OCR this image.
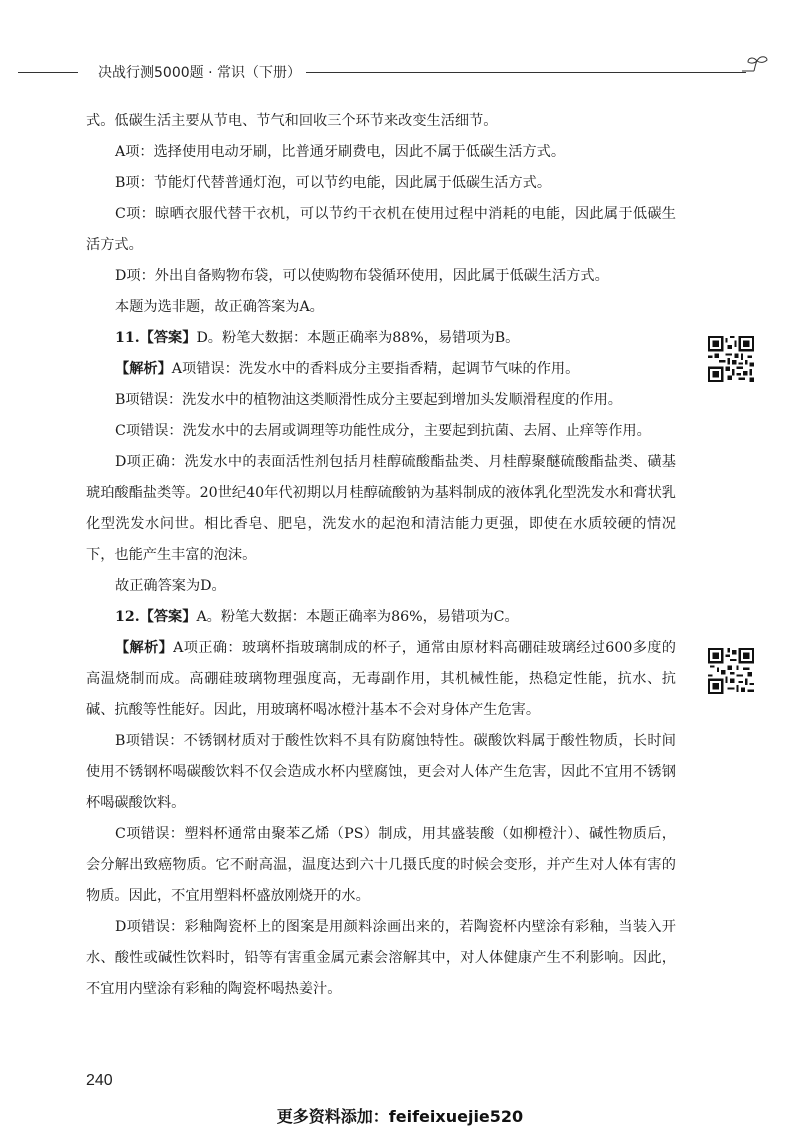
决战行测5000题 · 常识（下册）

式。低碳生活主要从节电、节气和回收三个环节来改变生活细节。

A项：选择使用电动牙刷，比普通牙刷费电，因此不属于低碳生活方式。

B项：节能灯代替普通灯泡，可以节约电能，因此属于低碳生活方式。

C项：晾晒衣服代替干衣机，可以节约干衣机在使用过程中消耗的电能，因此属于低碳生活方式。

D项：外出自备购物布袋，可以使购物布袋循环使用，因此属于低碳生活方式。

本题为选非题，故正确答案为A。

11.【答案】D。粉笔大数据：本题正确率为88%，易错项为B。

【解析】A项错误：洗发水中的香料成分主要指香精，起调节气味的作用。

B项错误：洗发水中的植物油这类顺滑性成分主要起到增加头发顺滑程度的作用。

C项错误：洗发水中的去屑或调理等功能性成分，主要起到抗菌、去屑、止痒等作用。

D项正确：洗发水中的表面活性剂包括月桂醇硫酸酯盐类、月桂醇聚醚硫酸酯盐类、磺基琥珀酸酯盐类等。20世纪40年代初期以月桂醇硫酸钠为基料制成的液体乳化型洗发水和膏状乳化型洗发水问世。相比香皂、肥皂，洗发水的起泡和清洁能力更强，即使在水质较硬的情况下，也能产生丰富的泡沫。

故正确答案为D。

12.【答案】A。粉笔大数据：本题正确率为86%，易错项为C。

【解析】A项正确：玻璃杯指玻璃制成的杯子，通常由原材料高硼硅玻璃经过600多度的高温烧制而成。高硼硅玻璃物理强度高，无毒副作用，其机械性能，热稳定性能，抗水、抗碱、抗酸等性能好。因此，用玻璃杯喝冰橙汁基本不会对身体产生危害。

B项错误：不锈钢材质对于酸性饮料不具有防腐蚀特性。碳酸饮料属于酸性物质，长时间使用不锈钢杯喝碳酸饮料不仅会造成水杯内壁腐蚀，更会对人体产生危害，因此不宜用不锈钢杯喝碳酸饮料。

C项错误：塑料杯通常由聚苯乙烯（PS）制成，用其盛装酸（如柳橙汁）、碱性物质后，会分解出致癌物质。它不耐高温，温度达到六十几摄氏度的时候会变形，并产生对人体有害的物质。因此，不宜用塑料杯盛放刚烧开的水。

D项错误：彩釉陶瓷杯上的图案是用颜料涂画出来的，若陶瓷杯内壁涂有彩釉，当装入开水、酸性或碱性饮料时，铅等有害重金属元素会溶解其中，对人体健康产生不利影响。因此，不宜用内壁涂有彩釉的陶瓷杯喝热姜汁。

240
更多资料添加：feifeixuejie520
